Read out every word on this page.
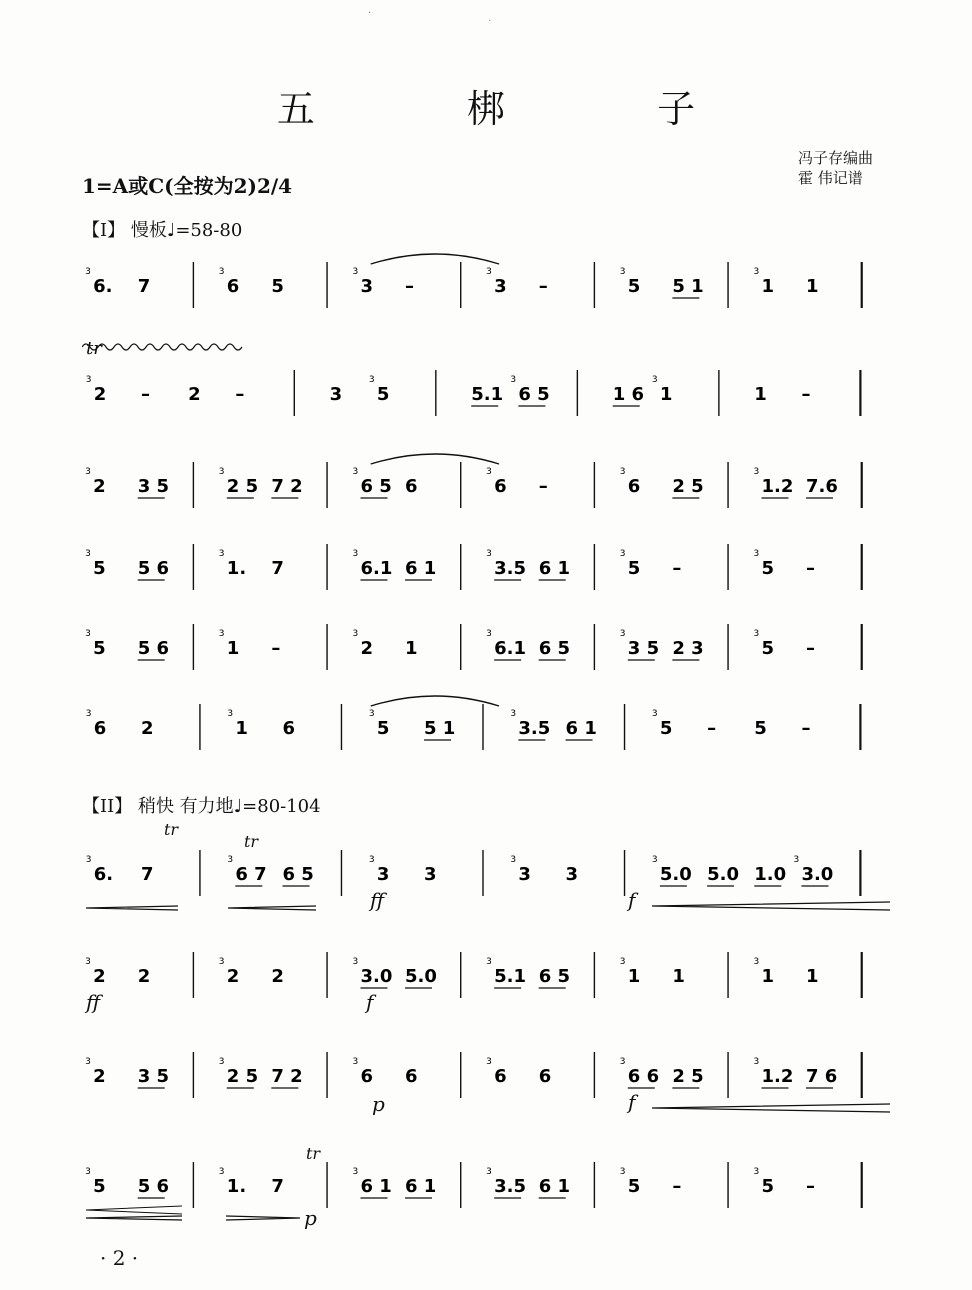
·
·
五 梆 子
1=A或C(全按为2)2/4
冯子存编曲
霍 伟记谱
【I】 慢板♩=58-80
【II】 稍快 有力地♩=80-104
3
6. 7
3
6 5
3
3 –
3
3 –
3
5 5 1
3
1 1
3
2 – 2 –	3
3
5	5.1
3
6 5	1 6
3
1	1 –
3
2 3 5
3
2 5 7 2
3
6 5 6
3
6 –
3
6 2 5
3
1.2 7.6
3
5 5 6
3
1. 7
3
6.1 6 1
3
3.5 6 1
3
5 –
3
5 –
3
5 5 6
3
1 –
3
2 1
3
6.1 6 5
3
3 5 2 3
3
5 –
3
6 2
3
1 6
3
5 5 1
3
3.5 6 1
3
5 – 5 –
3
6. 7
3
6 7 6 5
3
3 3
3
3 3
3
5.0 5.0 1.0
3
3.0
3
2 2
3
2 2
3
3.0 5.0
3
5.1 6 5
3
1 1
3
1 1
3
2 3 5
3
2 5 7 2
3
6 6
3
6 6
3
6 6 2 5
3
1.2 7 6
3
5 5 6
3
1. 7
3
6 1 6 1
3
3.5 6 1
3
5 –
3
5 –
ff	f
ff	f
p	f
p
tr
tr
tr
tr
· 2 ·
